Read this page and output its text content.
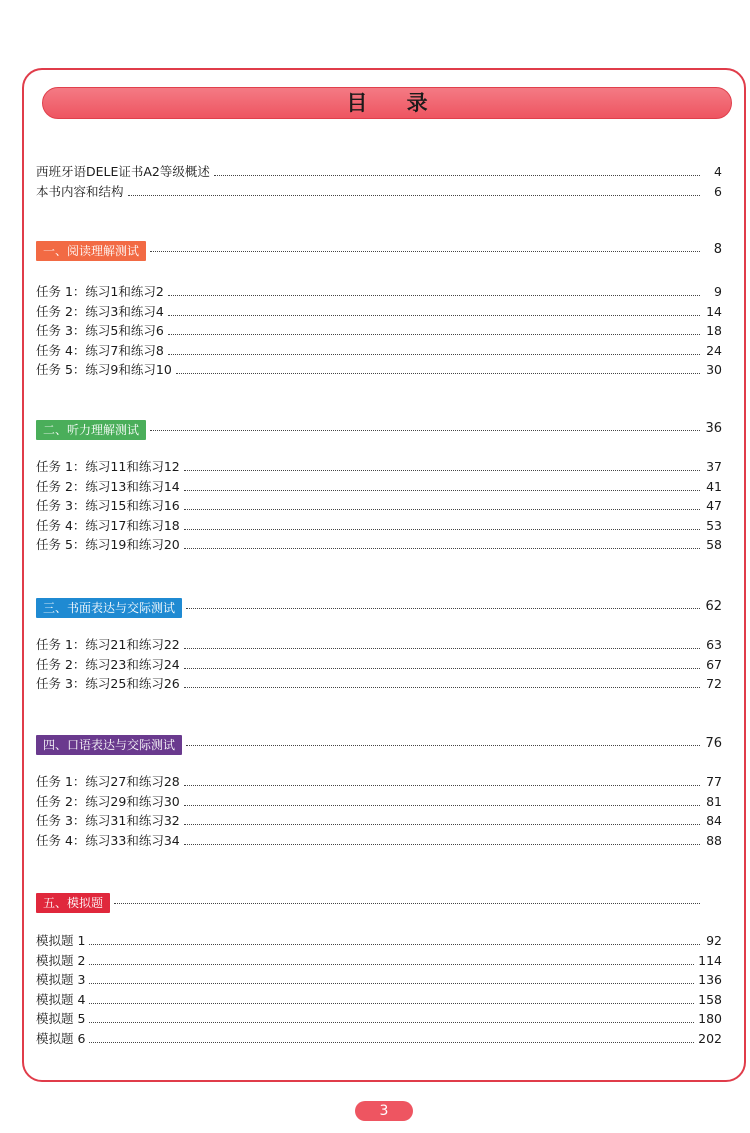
目 录
西班牙语DELE证书A2等级概述	4
本书内容和结构	6
一、阅读理解测试	8
任务 1：练习1和练习2	9
任务 2：练习3和练习4	14
任务 3：练习5和练习6	18
任务 4：练习7和练习8	24
任务 5：练习9和练习10	30
二、听力理解测试	36
任务 1：练习11和练习12	37
任务 2：练习13和练习14	41
任务 3：练习15和练习16	47
任务 4：练习17和练习18	53
任务 5：练习19和练习20	58
三、书面表达与交际测试	62
任务 1：练习21和练习22	63
任务 2：练习23和练习24	67
任务 3：练习25和练习26	72
四、口语表达与交际测试	76
任务 1：练习27和练习28	77
任务 2：练习29和练习30	81
任务 3：练习31和练习32	84
任务 4：练习33和练习34	88
五、模拟题
模拟题 1	92
模拟题 2	114
模拟题 3	136
模拟题 4	158
模拟题 5	180
模拟题 6	202
3
